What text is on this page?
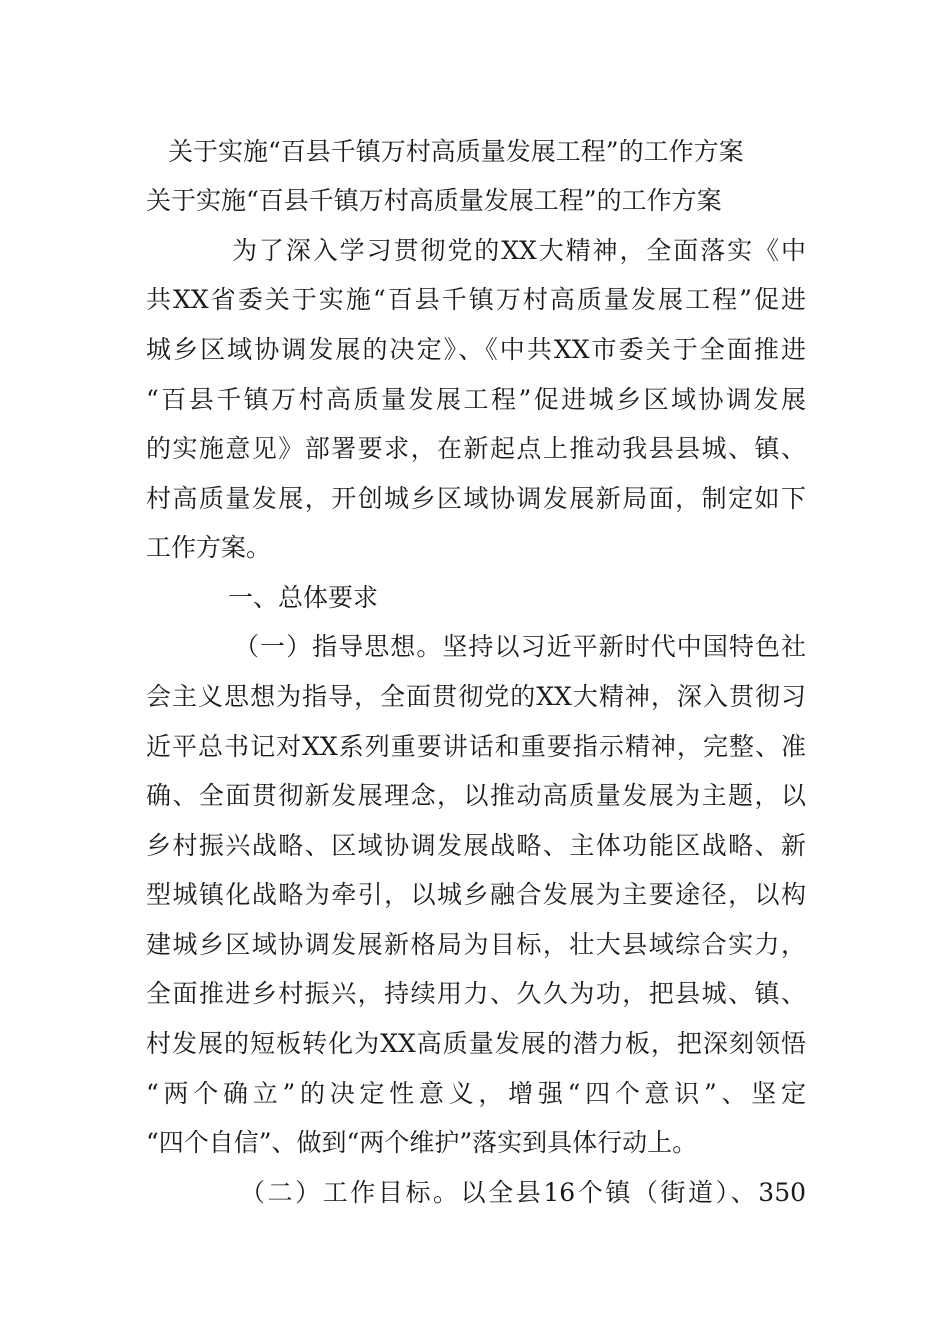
关于实施“百县千镇万村高质量发展工程”的工作方案
关于实施“百县千镇万村高质量发展工程”的工作方案
为了深入学习贯彻党的XX大精神，全面落实《中
共XX省委关于实施“百县千镇万村高质量发展工程”促进
城乡区域协调发展的决定》、《中共XX市委关于全面推进
“百县千镇万村高质量发展工程”促进城乡区域协调发展
的实施意见》部署要求，在新起点上推动我县县城、镇、
村高质量发展，开创城乡区域协调发展新局面，制定如下
工作方案。
一、总体要求
（一）指导思想。坚持以习近平新时代中国特色社
会主义思想为指导，全面贯彻党的XX大精神，深入贯彻习
近平总书记对XX系列重要讲话和重要指示精神，完整、准
确、全面贯彻新发展理念，以推动高质量发展为主题，以
乡村振兴战略、区域协调发展战略、主体功能区战略、新
型城镇化战略为牵引，以城乡融合发展为主要途径，以构
建城乡区域协调发展新格局为目标，壮大县域综合实力，
全面推进乡村振兴，持续用力、久久为功，把县城、镇、
村发展的短板转化为XX高质量发展的潜力板，把深刻领悟
“两个确立”的决定性意义，增强“四个意识”、坚定
“四个自信”、做到“两个维护”落实到具体行动上。
（二）工作目标。以全县16个镇（街道）、350
